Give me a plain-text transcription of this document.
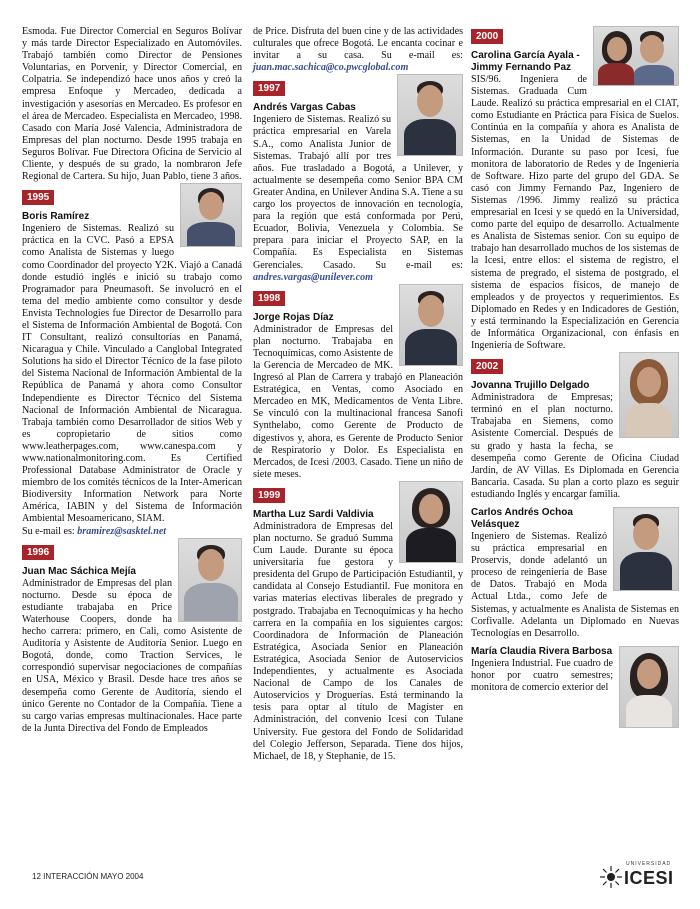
Esmoda. Fue Director Comercial en Seguros Bolívar y más tarde Director Especializado en Automóviles. Trabajó también como Director de Pensiones Voluntarias, en Porvenir, y Director Comercial, en Colpatria. Se independizó hace unos años y creó la empresa Enfoque y Mercadeo, dedicada a investigación y asesorías en Mercadeo. Es profesor en el área de Mercadeo. Especialista en Mercadeo, 1998. Casado con María José Valencia, Administradora de Empresas del plan nocturno. Desde 1995 trabaja en Seguros Bolívar. Fue Directora Oficina de Servicio al Cliente, y después de su grado, la nombraron Jefe Regional de Cartera. Su hijo, Juan Pablo, tiene 3 años.

1995

Boris Ramírez

Ingeniero de Sistemas. Realizó su práctica en la CVC. Pasó a EPSA como Analista de Sistemas y luego como Coordinador del proyecto Y2K. Viajó a Canadá donde estudió inglés e inició su trabajo como Programador para Pneumasoft. Se involucró en el tema del medio ambiente como consultor y desde Envista Technologies fue Director de Desarrollo para el Sistema de Información Ambiental de Bogotá. Con IT Consultant, realizó consultorías en Panamá, Nicaragua y Chile. Vinculado a Canglobal Integrated Solutions ha sido el Director Técnico de la fase piloto del Sistema Nacional de Información Ambiental de la República de Panamá y ahora como Consultor Independiente es Director Técnico del Sistema Nacional de Información Ambiental de Nicaragua. Trabaja también como Desarrollador de sitios Web y es copropietario de sitios como www.leatherpages.com, www.canespa.com y www.nationalmonitoring.com. Es Certified Professional Database Administrator de Oracle y miembro de los comités técnicos de la Inter-American Biodiversity Information Network para Norte América, IABIN y del Sistema de Información Ambiental Mesoamericano, SIAM.
Su e-mail es: bramirez@sasktel.net

1996

Juan Mac Sáchica Mejía

Administrador de Empresas del plan nocturno. Desde su época de estudiante trabajaba en Price Waterhouse Coopers, donde ha hecho carrera: primero, en Cali, como Asistente de Auditoría y Asistente de Auditoría Senior. Luego en Bogotá, donde, como Traction Services, le correspondió supervisar negociaciones de compañías en USA, México y Brasil. Desde hace tres años se desempeña como Gerente de Auditoría, siendo el único Gerente no Contador de la Compañía. Tiene a su cargo varias empresas multinacionales. Hace parte de la Junta Directiva del Fondo de Empleados

de Price. Disfruta del buen cine y de las actividades culturales que ofrece Bogotá. Le encanta cocinar e invitar a su casa. Su e-mail es: juan.mac.sachica@co.pwcglobal.com

1997

Andrés Vargas Cabas

Ingeniero de Sistemas. Realizó su práctica empresarial en Varela S.A., como Analista Junior de Sistemas. Trabajó allí por tres años. Fue trasladado a Bogotá, a Unilever, y actualmente se desempeña como Senior BPA CM Greater Andina, en Unilever Andina S.A. Tiene a su cargo los proyectos de innovación en tecnología, para la región que está conformada por Perú, Ecuador, Bolivia, Venezuela y Colombia. Se prepara para iniciar el Proyecto SAP, en la Compañía. Es Especialista en Sistemas Gerenciales. Casado. Su e-mail es: andres.vargas@unilever.com

1998

Jorge Rojas Díaz

Administrador de Empresas del plan nocturno. Trabajaba en Tecnoquímicas, como Asistente de la Gerencia de Mercadeo de MK. Ingresó al Plan de Carrera y trabajó en Planeación Estratégica, en Ventas, como Asociado en Mercadeo en MK, Medicamentos de Venta Libre. Se vinculó con la multinacional francesa Sanofi Synthelabo, como Gerente de Producto de digestivos y, ahora, es Gerente de Producto Senior de Respiratorio y Dolor. Es Especialista en Mercados, de Icesi /2003. Casado. Tiene un niño de siete meses.

1999

Martha Luz Sardi Valdivia

Administradora de Empresas del plan nocturno. Se graduó Summa Cum Laude. Durante su época universitaria fue gestora y presidenta del Grupo de Participación Estudiantil, y candidata al Consejo Estudiantil. Fue monitora en varias materias electivas liberales de pregrado y postgrado. Trabajaba en Tecnoquímicas y ha hecho carrera en la compañía en los siguientes cargos: Coordinadora de Información de Planeación Estratégica, Asociada Senior en Planeación Estratégica, Asociada Senior de Autoservicios Independientes, y actualmente es Asociada Nacional de Campo de los Canales de Autoservicios y Droguerías. Está terminando la tesis para optar al título de Magíster en Administración, del convenio Icesi con Tulane University. Fue gestora del Fondo de Solidaridad del Colegio Jefferson, Separada. Tiene dos hijos, Michael, de 18, y Stephanie, de 15.

2000

Carolina García Ayala - Jimmy Fernando Paz

SIS/96. Ingeniera de Sistemas. Graduada Cum Laude. Realizó su práctica empresarial en el CIAT, como Estudiante en Práctica para Física de Suelos. Continúa en la compañía y ahora es Analista de Sistemas, en la Unidad de Sistemas de Información. Durante su paso por Icesi, fue monitora de laboratorio de Redes y de Ingeniería de Software. Hizo parte del grupo del GDA. Se casó con Jimmy Fernando Paz, Ingeniero de Sistemas /1996. Jimmy realizó su práctica empresarial en Icesi y se quedó en la Universidad, como parte del equipo de desarrollo. Actualmente es Analista de Sistemas senior. Con su equipo de trabajo han desarrollado muchos de los sistemas de la Icesi, entre ellos: el sistema de registro, el sistema de pregrado, el sistema de postgrado, el sistema de espacios físicos, de manejo de empleados y de proyectos y requerimientos. Es Diplomado en Redes y en Indicadores de Gestión, y está terminando la Especialización en Gerencia de Informática Organizacional, con énfasis en Ingeniería de Software.

2002

Jovanna Trujillo Delgado

Administradora de Empresas; terminó en el plan nocturno. Trabajaba en Siemens, como Asistente Comercial. Después de su grado y hasta la fecha, se desempeña como Gerente de Oficina Ciudad Jardín, de AV Villas. Es Diplomada en Gerencia Bancaria. Casada. Su plan a corto plazo es seguir estudiando Inglés y encargar familia.

Carlos Andrés Ochoa Velásquez

Ingeniero de Sistemas. Realizó su práctica empresarial en Proservis, donde adelantó un proceso de reingeniería de Base de Datos. Trabajó en Moda Actual Ltda., como Jefe de Sistemas, y actualmente es Analista de Sistemas en Corfivalle. Adelanta un Diplomado en Nuevas Tecnologías en Desarrollo.

María Claudia Rivera Barbosa

Ingeniera Industrial. Fue cuadro de honor por cuatro semestres; monitora de comercio exterior del

12 INTERACCIÓN MAYO 2004
UNIVERSIDAD
ICESI
